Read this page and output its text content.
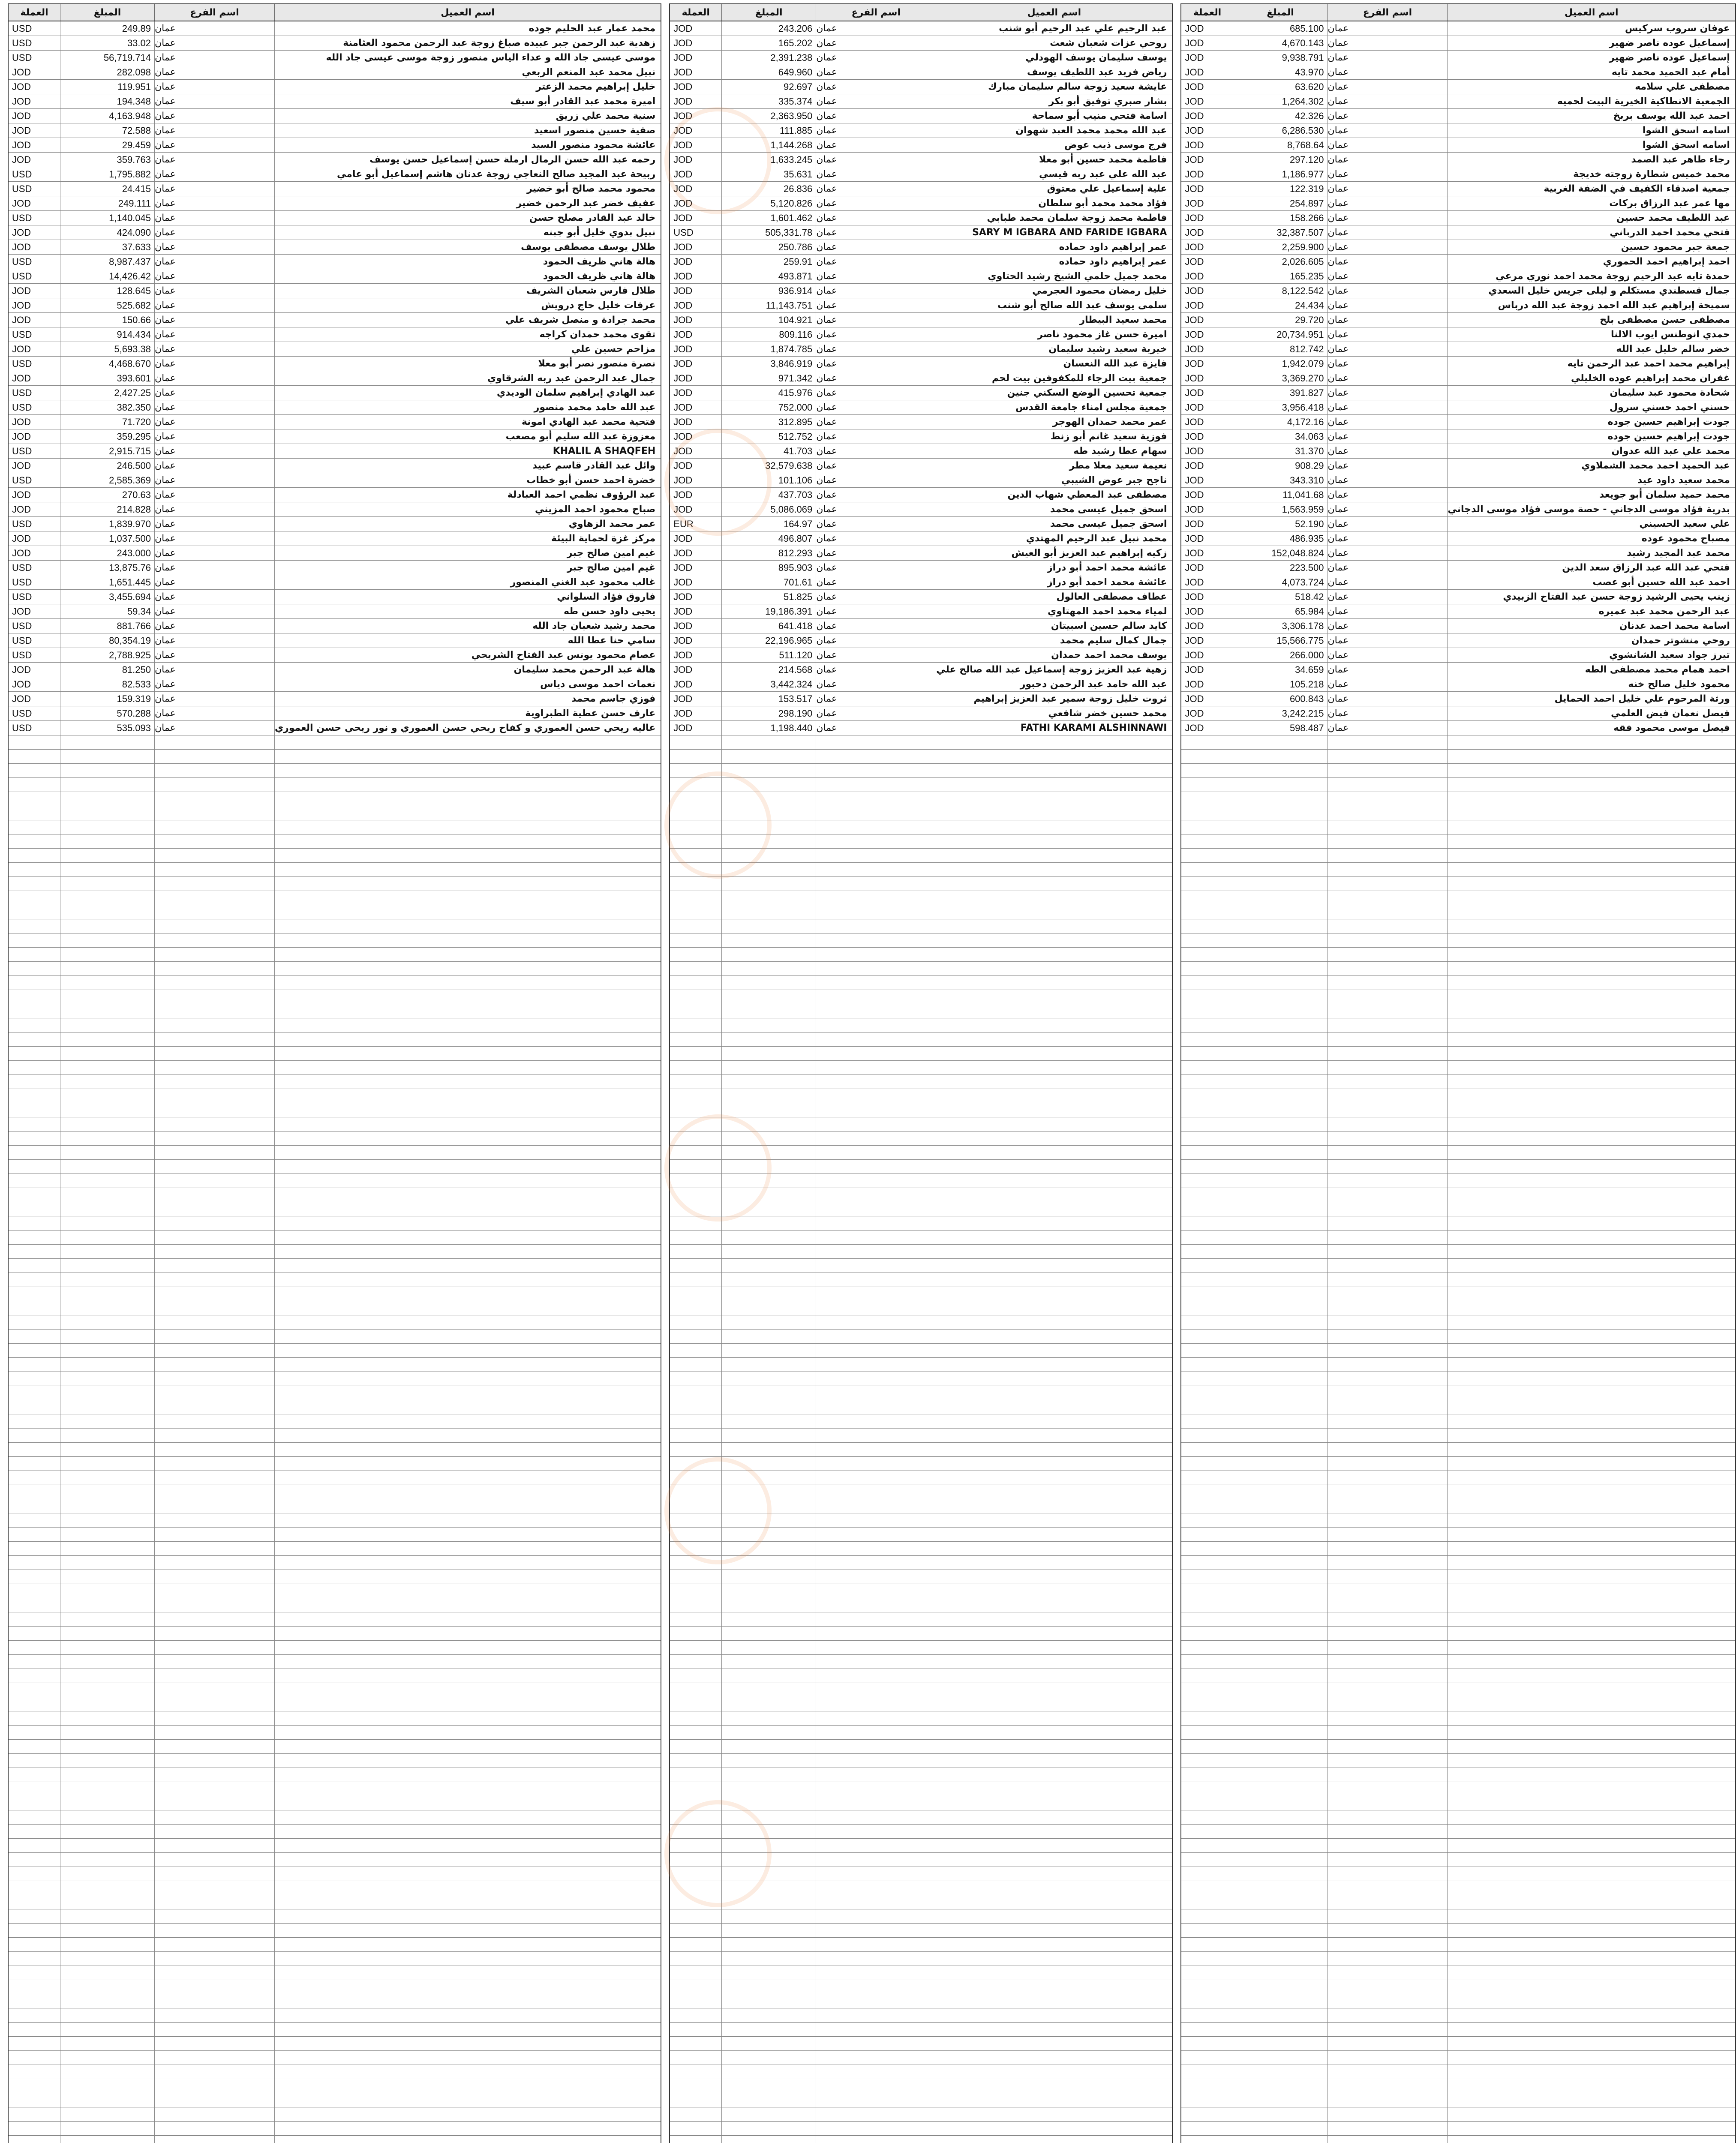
العملة	المبلغ	اسم الفرع	اسم العميل
USD	249.89 عمان	محمد عمار عبد الحليم جوده
USD	33.02 عمان	زهدية عبد الرحمن جبر عبيده صباغ زوجة عبد الرحمن محمود العثامنة
USD	56,719.714 عمان	موسى عيسى جاد الله و عداء الياس منصور زوجة موسى عيسى جاد الله
JOD	282.098 عمان	نبيل محمد عبد المنعم الربعي
JOD	119.951 عمان	خليل إبراهيم محمد الزعتر
JOD	194.348 عمان	اميرة محمد عبد القادر أبو سيف
JOD	4,163.948 عمان	سنية محمد علي زريق
JOD	72.588 عمان	صفية حسين منصور اسعيد
JOD	29.459 عمان	عائشة محمود منصور السيد
JOD	359.763 عمان	رحمه عبد الله حسن الرمال ارملة حسن إسماعيل حسن يوسف
USD	1,795.882 عمان	ربيحة عبد المجيد صالح النعاجي زوجة عدنان هاشم إسماعيل أبو عامي
USD	24.415 عمان	محمود محمد صالح أبو خضير
JOD	249.111 عمان	عفيف خضر عبد الرحمن خضير
USD	1,140.045 عمان	خالد عبد القادر مصلح حسن
JOD	424.090 عمان	نبيل بدوي خليل أبو جبنه
JOD	37.633 عمان	طلال يوسف مصطفى يوسف
USD	8,987.437 عمان	هالة هاني ظريف الحمود
USD	14,426.42 عمان	هالة هاني ظريف الحمود
JOD	128.645 عمان	طلال فارس شعبان الشريف
JOD	525.682 عمان	عرفات خليل حاج درويش
JOD	150.66 عمان	محمد جرادة و منصل شريف علي
USD	914.434 عمان	تقوى محمد حمدان كراجه
JOD	5,693.38 عمان	مزاحم حسين علي
USD	4,468.670 عمان	نصرة منصور نصر أبو معلا
JOD	393.601 عمان	جمال عبد الرحمن عبد ربه الشرقاوي
USD	2,427.25 عمان	عبد الهادي إبراهيم سلمان الوديدي
USD	382.350 عمان	عبد الله حامد محمد منصور
JOD	71.720 عمان	فتحية محمد عبد الهادي امونة
JOD	359.295 عمان	معزوزة عبد الله سليم أبو مصعب
USD	2,915.715 عمان	KHALIL A SHAQFEH
JOD	246.500 عمان	وائل عبد القادر قاسم عبيد
USD	2,585.369 عمان	خضرة احمد حسن أبو خطاب
JOD	270.63 عمان	عبد الرؤوف نظمي احمد العبادلة
JOD	214.828 عمان	صباح محمود احمد المزيني
USD	1,839.970 عمان	عمر محمد الزهاوي
JOD	1,037.500 عمان	مركز غزة لحماية البيئة
JOD	243.000 عمان	غيم امين صالح جبر
USD	13,875.76 عمان	غيم امين صالح جبر
USD	1,651.445 عمان	غالب محمود عبد الغني المنصور
USD	3,455.694 عمان	فاروق فؤاد السلواني
JOD	59.34 عمان	يحيى داود حسن طه
USD	881.766 عمان	محمد رشيد شعبان جاد الله
USD	80,354.19 عمان	سامي حنا عطا الله
USD	2,788.925 عمان	عصام محمود يونس عبد الفتاح الشريحي
JOD	81.250 عمان	هالة عبد الرحمن محمد سليمان
JOD	82.533 عمان	نعمات احمد موسى دياس
JOD	159.319 عمان	فوزي جاسم محمد
USD	570.288 عمان	عارف حسن عطية الطبراوية
USD	535.093 عمان	عاليه ريحي حسن العموري و كفاح ريحي حسن العموري و نور ريحي حسن العموري
العملة	المبلغ	اسم الفرع	اسم العميل
JOD	243.206 عمان	عبد الرحيم علي عبد الرحيم أبو شنب
JOD	165.202 عمان	روحي عزات شعبان شعث
JOD	2,391.238 عمان	يوسف سليمان يوسف الهودلي
JOD	649.960 عمان	رياض فريد عبد اللطيف يوسف
JOD	92.697 عمان	عايشة سعيد زوجة سالم سليمان مبارك
JOD	335.374 عمان	بشار صبري توفيق أبو بكر
JOD	2,363.950 عمان	اسامة فتحي منيب أبو سماحة
JOD	111.885 عمان	عبد الله محمد محمد العبد شهوان
JOD	1,144.268 عمان	فرج موسى ذيب عوض
JOD	1,633.245 عمان	فاطمة محمد حسين أبو معلا
JOD	35.631 عمان	عبد الله علي عبد ربه قيسي
JOD	26.836 عمان	علية إسماعيل علي معتوق
JOD	5,120.826 عمان	فؤاد محمد محمد أبو سلطان
JOD	1,601.462 عمان	فاطمة محمد زوجة سلمان محمد طبابي
USD	505,331.78 عمان	SARY M IGBARA AND FARIDE IGBARA
JOD	250.786 عمان	عمر إبراهيم داود حماده
JOD	259.91 عمان	عمر إبراهيم داود حماده
JOD	493.871 عمان	محمد جميل حلمي الشيخ رشيد الحتاوي
JOD	936.914 عمان	خليل رمضان محمود العجرمي
JOD	11,143.751 عمان	سلمى يوسف عبد الله صالح أبو شنب
JOD	104.921 عمان	محمد سعيد البيطار
JOD	809.116 عمان	اميرة حسن غاز محمود ناصر
JOD	1,874.785 عمان	خيرية سعيد رشيد سليمان
JOD	3,846.919 عمان	فايزة عبد الله النعسان
JOD	971.342 عمان	جمعية بيت الرجاء للمكفوفين بيت لحم
JOD	415.976 عمان	جمعية تحسين الوضع السكني جنين
JOD	752.000 عمان	جمعية مجلس امناء جامعة القدس
JOD	312.895 عمان	عمر محمد حمدان الهوجر
JOD	512.752 عمان	فوزية سعيد غانم أبو زنط
JOD	41.703 عمان	سهام عطا رشيد طه
JOD	32,579.638 عمان	نعيمة سعيد معلا مطر
JOD	101.106 عمان	ناجح جبر عوض الشيبي
JOD	437.703 عمان	مصطفى عبد المعطي شهاب الدين
JOD	5,086.069 عمان	اسحق جميل عيسى محمد
EUR	164.97 عمان	اسحق جميل عيسى محمد
JOD	496.807 عمان	محمد نبيل عبد الرحيم المهتدي
JOD	812.293 عمان	زكيه إبراهيم عبد العزيز أبو العيش
JOD	895.903 عمان	عائشة محمد احمد أبو دراز
JOD	701.61 عمان	عائشة محمد احمد أبو دراز
JOD	51.825 عمان	عطاف مصطفى العالول
JOD	19,186.391 عمان	لمياء محمد احمد المهتاوي
JOD	641.418 عمان	كايد سالم حسين اسبيتان
JOD	22,196.965 عمان	جمال كمال سليم محمد
JOD	511.120 عمان	يوسف محمد احمد حمدان
JOD	214.568 عمان	زهية عبد العزيز زوجة إسماعيل عبد الله صالح علي
JOD	3,442.324 عمان	عبد الله حامد عبد الرحمن دحبور
JOD	153.517 عمان	ثروت خليل زوجة سمير عبد العزيز إبراهيم
JOD	298.190 عمان	محمد حسين خضر شافعي
JOD	1,198.440 عمان	FATHI KARAMI ALSHINNAWI
العملة	المبلغ	اسم الفرع	اسم العميل
JOD	685.100 عمان	عوفان سروب سركيس
JOD	4,670.143 عمان	إسماعيل عوده ناصر ضهير
JOD	9,938.791 عمان	إسماعيل عوده ناصر ضهير
JOD	43.970 عمان	أمام عبد الحميد محمد تايه
JOD	63.620 عمان	مصطفى علي سلامه
JOD	1,264.302 عمان	الجمعية الانطاكية الخيرية البيت لحميه
JOD	42.326 عمان	احمد عبد الله يوسف بربخ
JOD	6,286.530 عمان	اسامه اسحق الشوا
JOD	8,768.64 عمان	اسامه اسحق الشوا
JOD	297.120 عمان	رجاء طاهر عبد الصمد
JOD	1,186.977 عمان	محمد خميس شطارة زوجته خديجة
JOD	122.319 عمان	جمعية اصدقاء الكفيف في الضفة الغربية
JOD	254.897 عمان	مها عمر عبد الرزاق بركات
JOD	158.266 عمان	عبد اللطيف محمد حسين
JOD	32,387.507 عمان	فتحي محمد احمد الدرباني
JOD	2,259.900 عمان	جمعة جبر محمود حسين
JOD	2,026.605 عمان	احمد إبراهيم احمد الحموري
JOD	165.235 عمان	حمدة تايه عبد الرحيم زوجة محمد احمد نوري مرعي
JOD	8,122.542 عمان	جمال قسطندي مستكلم و ليلى جريس خليل السعدي
JOD	24.434 عمان	سميحة إبراهيم عبد الله احمد زوجة عبد الله درباس
JOD	29.720 عمان	مصطفى حسن مصطفى بلح
JOD	20,734.951 عمان	حمدي انوطنس ايوب الالنا
JOD	812.742 عمان	خضر سالم خليل عبد الله
JOD	1,942.079 عمان	إبراهيم محمد احمد عبد الرحمن تايه
JOD	3,369.270 عمان	غفران محمد إبراهيم عوده الخليلي
JOD	391.827 عمان	شحادة محمود عبد سليمان
JOD	3,956.418 عمان	حسني احمد حسني سرول
JOD	4,172.16 عمان	جودت إبراهيم حسين جوده
JOD	34.063 عمان	جودت إبراهيم حسين جوده
JOD	31.370 عمان	محمد علي عبد الله عدوان
JOD	908.29 عمان	عبد الحميد احمد محمد الشملاوي
JOD	343.310 عمان	محمد سعيد داود عيد
JOD	11,041.68 عمان	محمد حميد سلمان أبو جويعد
JOD	1,563.959 عمان	بدرية فؤاد موسى الدجاني - حصة موسى فؤاد موسى الدجاني
JOD	52.190 عمان	علي سعيد الحسيني
JOD	486.935 عمان	مصباح محمود عوده
JOD	152,048.824 عمان	محمد عبد المجيد رشيد
JOD	223.500 عمان	فتحي عبد الله عبد الرزاق سعد الدين
JOD	4,073.724 عمان	احمد عبد الله حسين أبو عصب
JOD	518.42 عمان	زينب يحيى الرشيد زوجة حسن عبد الفتاح الزبيدي
JOD	65.984 عمان	عبد الرحمن محمد عبد عميره
JOD	3,306.178 عمان	اسامة محمد احمد عدنان
JOD	15,566.775 عمان	روحي منشوتر حمدان
JOD	266.000 عمان	تيرز جواد سعيد الشانشوي
JOD	34.659 عمان	احمد همام محمد مصطفى الطه
JOD	105.218 عمان	محمود خليل صالح خنه
JOD	600.843 عمان	ورثة المرحوم علي خليل احمد الحمايل
JOD	3,242.215 عمان	فيصل نعمان فيض العلمي
JOD	598.487 عمان	فيصل موسى محمود فقه
